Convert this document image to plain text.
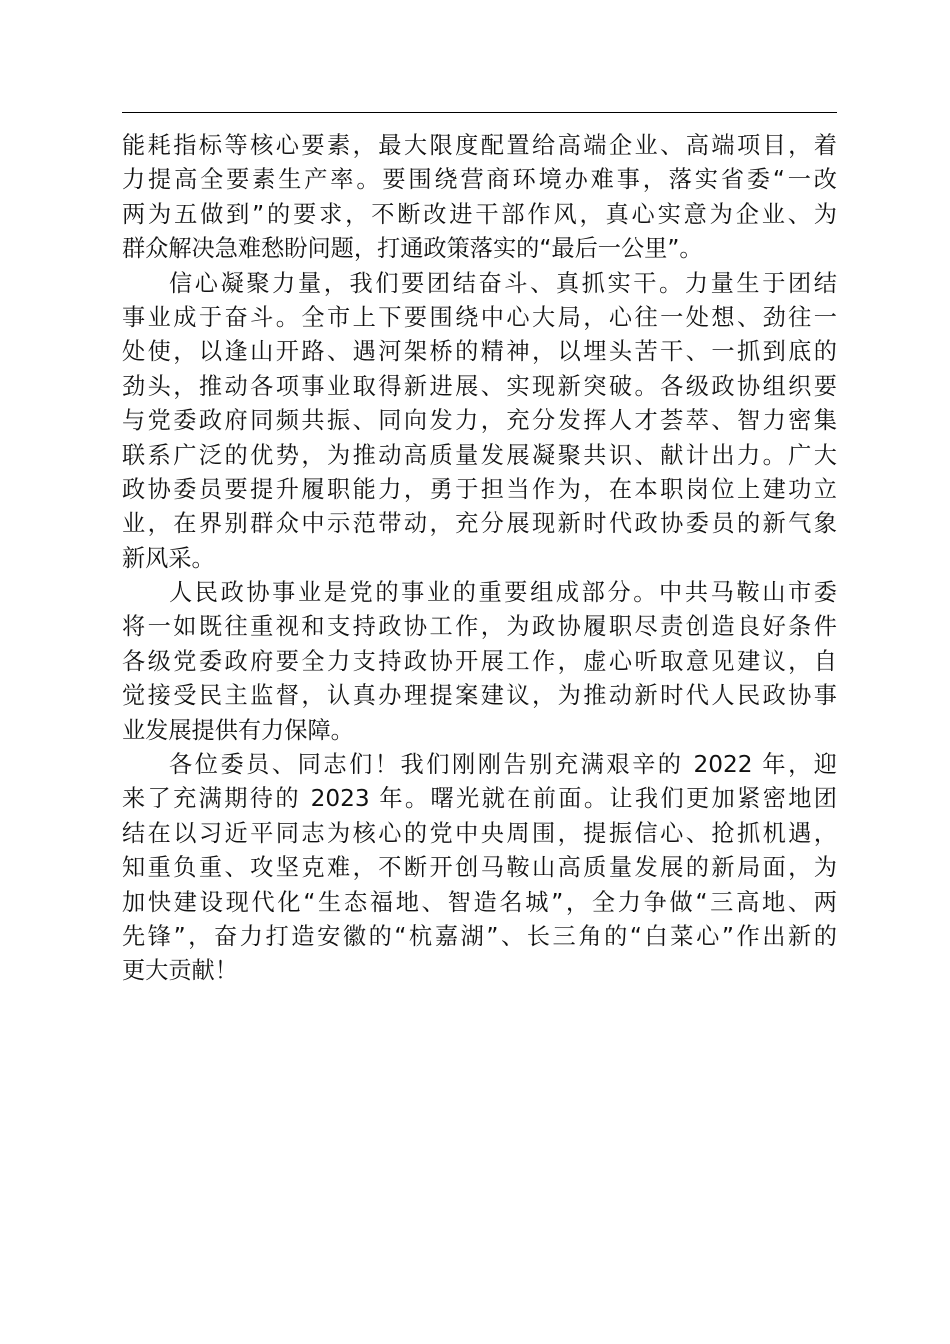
能耗指标等核心要素，最大限度配置给高端企业、高端项目，着
力提高全要素生产率。要围绕营商环境办难事，落实省委“一改
两为五做到”的要求，不断改进干部作风，真心实意为企业、为
群众解决急难愁盼问题，打通政策落实的“最后一公里”。
信心凝聚力量，我们要团结奋斗、真抓实干。力量生于团结
事业成于奋斗。全市上下要围绕中心大局，心往一处想、劲往一
处使，以逢山开路、遇河架桥的精神，以埋头苦干、一抓到底的
劲头，推动各项事业取得新进展、实现新突破。各级政协组织要
与党委政府同频共振、同向发力，充分发挥人才荟萃、智力密集
联系广泛的优势，为推动高质量发展凝聚共识、献计出力。广大
政协委员要提升履职能力，勇于担当作为，在本职岗位上建功立
业，在界别群众中示范带动，充分展现新时代政协委员的新气象
新风采。
人民政协事业是党的事业的重要组成部分。中共马鞍山市委
将一如既往重视和支持政协工作，为政协履职尽责创造良好条件
各级党委政府要全力支持政协开展工作，虚心听取意见建议，自
觉接受民主监督，认真办理提案建议，为推动新时代人民政协事
业发展提供有力保障。
各位委员、同志们！我们刚刚告别充满艰辛的 2022 年，迎
来了充满期待的 2023 年。曙光就在前面。让我们更加紧密地团
结在以习近平同志为核心的党中央周围，提振信心、抢抓机遇，
知重负重、攻坚克难，不断开创马鞍山高质量发展的新局面，为
加快建设现代化“生态福地、智造名城”，全力争做“三高地、两
先锋”，奋力打造安徽的“杭嘉湖”、长三角的“白菜心”作出新的
更大贡献！
